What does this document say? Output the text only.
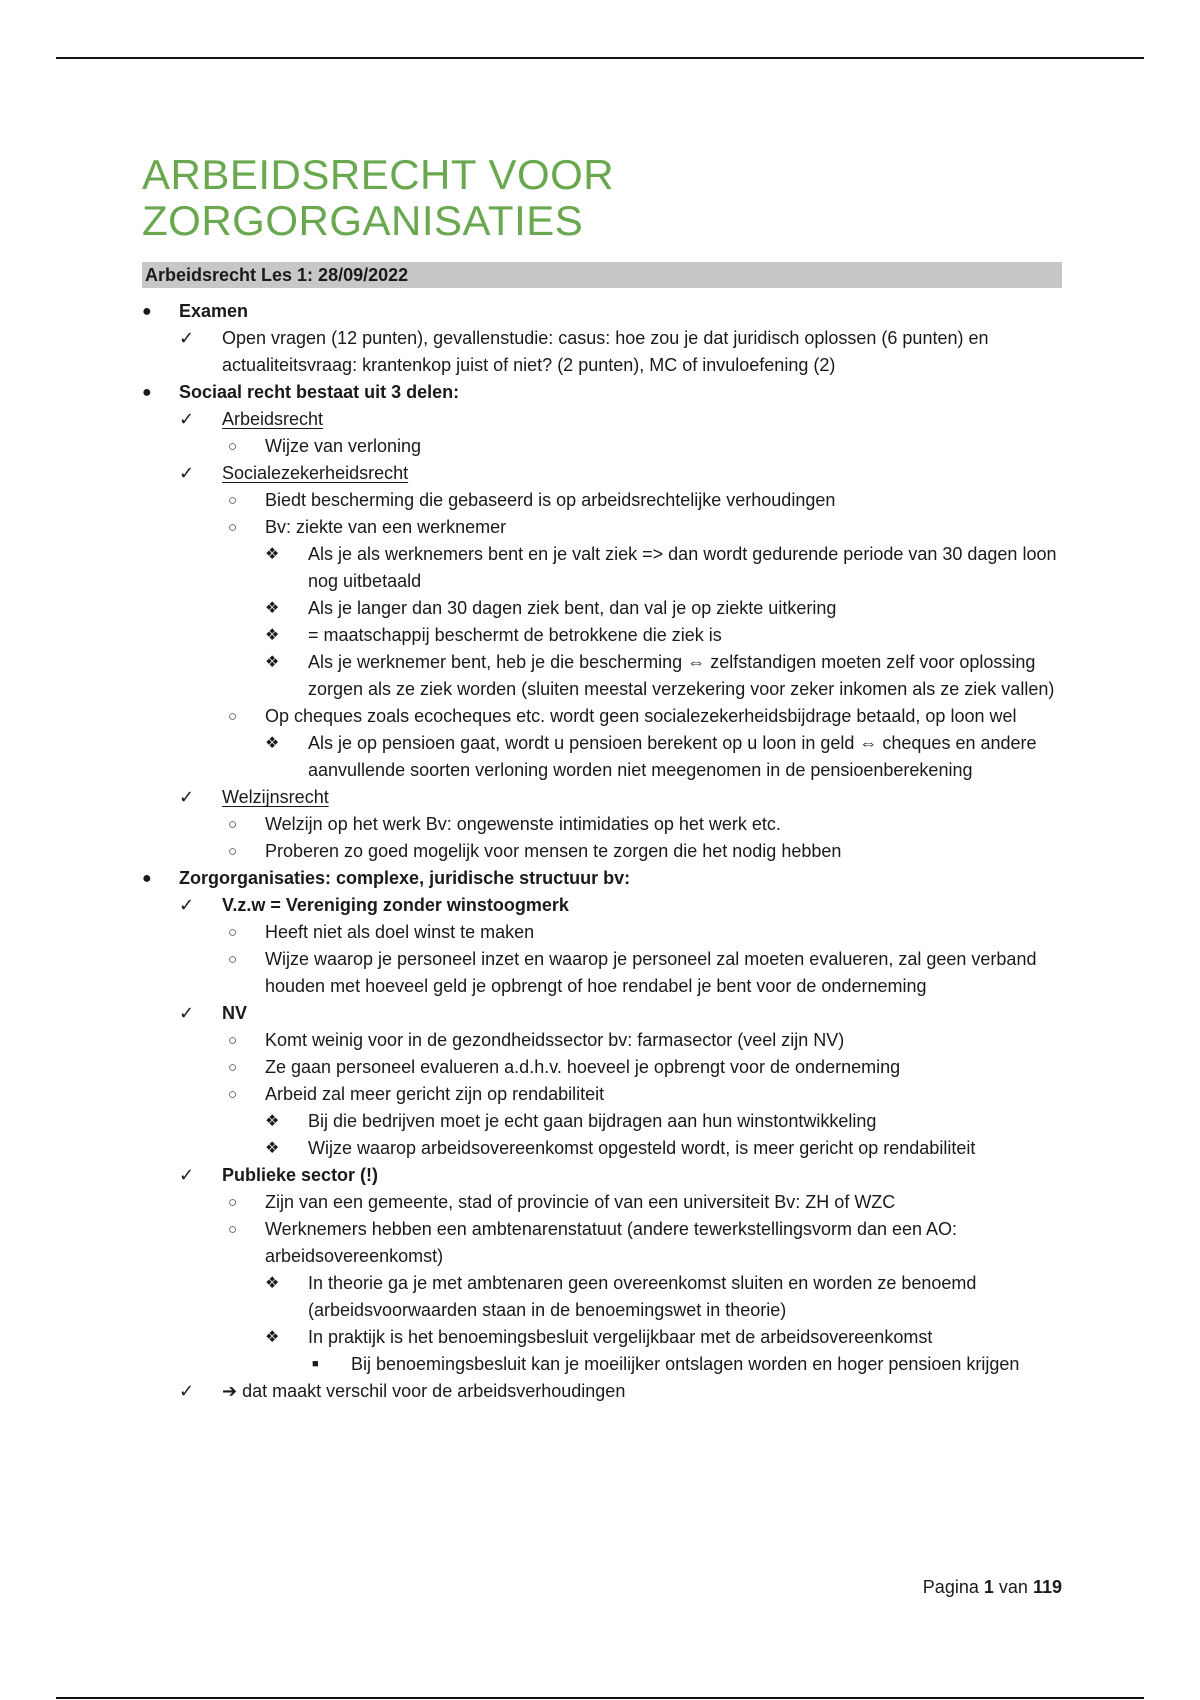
ARBEIDSRECHT VOOR ZORGORGANISATIES
Arbeidsrecht Les 1: 28/09/2022
● Examen
✓ Open vragen (12 punten), gevallenstudie: casus: hoe zou je dat juridisch oplossen (6 punten) en actualiteitsvraag: krantenkop juist of niet? (2 punten), MC of invuloefening (2)
● Sociaal recht bestaat uit 3 delen:
✓ Arbeidsrecht
○ Wijze van verloning
✓ Socialezekerheidsrecht
○ Biedt bescherming die gebaseerd is op arbeidsrechtelijke verhoudingen
○ Bv: ziekte van een werknemer
❖ Als je als werknemers bent en je valt ziek => dan wordt gedurende periode van 30 dagen loon nog uitbetaald
❖ Als je langer dan 30 dagen ziek bent, dan val je op ziekte uitkering
❖ = maatschappij beschermt de betrokkene die ziek is
❖ Als je werknemer bent, heb je die bescherming ⇔ zelfstandigen moeten zelf voor oplossing zorgen als ze ziek worden (sluiten meestal verzekering voor zeker inkomen als ze ziek vallen)
○ Op cheques zoals ecocheques etc. wordt geen socialezekerheidsbijdrage betaald, op loon wel
❖ Als je op pensioen gaat, wordt u pensioen berekent op u loon in geld ⇔ cheques en andere aanvullende soorten verloning worden niet meegenomen in de pensioenberekening
✓ Welzijnsrecht
○ Welzijn op het werk Bv: ongewenste intimidaties op het werk etc.
○ Proberen zo goed mogelijk voor mensen te zorgen die het nodig hebben
● Zorgorganisaties: complexe, juridische structuur bv:
✓ V.z.w = Vereniging zonder winstoogmerk
○ Heeft niet als doel winst te maken
○ Wijze waarop je personeel inzet en waarop je personeel zal moeten evalueren, zal geen verband houden met hoeveel geld je opbrengt of hoe rendabel je bent voor de onderneming
✓ NV
○ Komt weinig voor in de gezondheidssector bv: farmasector (veel zijn NV)
○ Ze gaan personeel evalueren a.d.h.v. hoeveel je opbrengt voor de onderneming
○ Arbeid zal meer gericht zijn op rendabiliteit
❖ Bij die bedrijven moet je echt gaan bijdragen aan hun winstontwikkeling
❖ Wijze waarop arbeidsovereenkomst opgesteld wordt, is meer gericht op rendabiliteit
✓ Publieke sector (!)
○ Zijn van een gemeente, stad of provincie of van een universiteit Bv: ZH of WZC
○ Werknemers hebben een ambtenarenstatuut (andere tewerkstellingsvorm dan een AO: arbeidsovereenkomst)
❖ In theorie ga je met ambtenaren geen overeenkomst sluiten en worden ze benoemd (arbeidsvoorwaarden staan in de benoemingswet in theorie)
❖ In praktijk is het benoemingsbesluit vergelijkbaar met de arbeidsovereenkomst
■ Bij benoemingsbesluit kan je moeilijker ontslagen worden en hoger pensioen krijgen
✓ ➔ dat maakt verschil voor de arbeidsverhoudingen
Pagina 1 van 119
